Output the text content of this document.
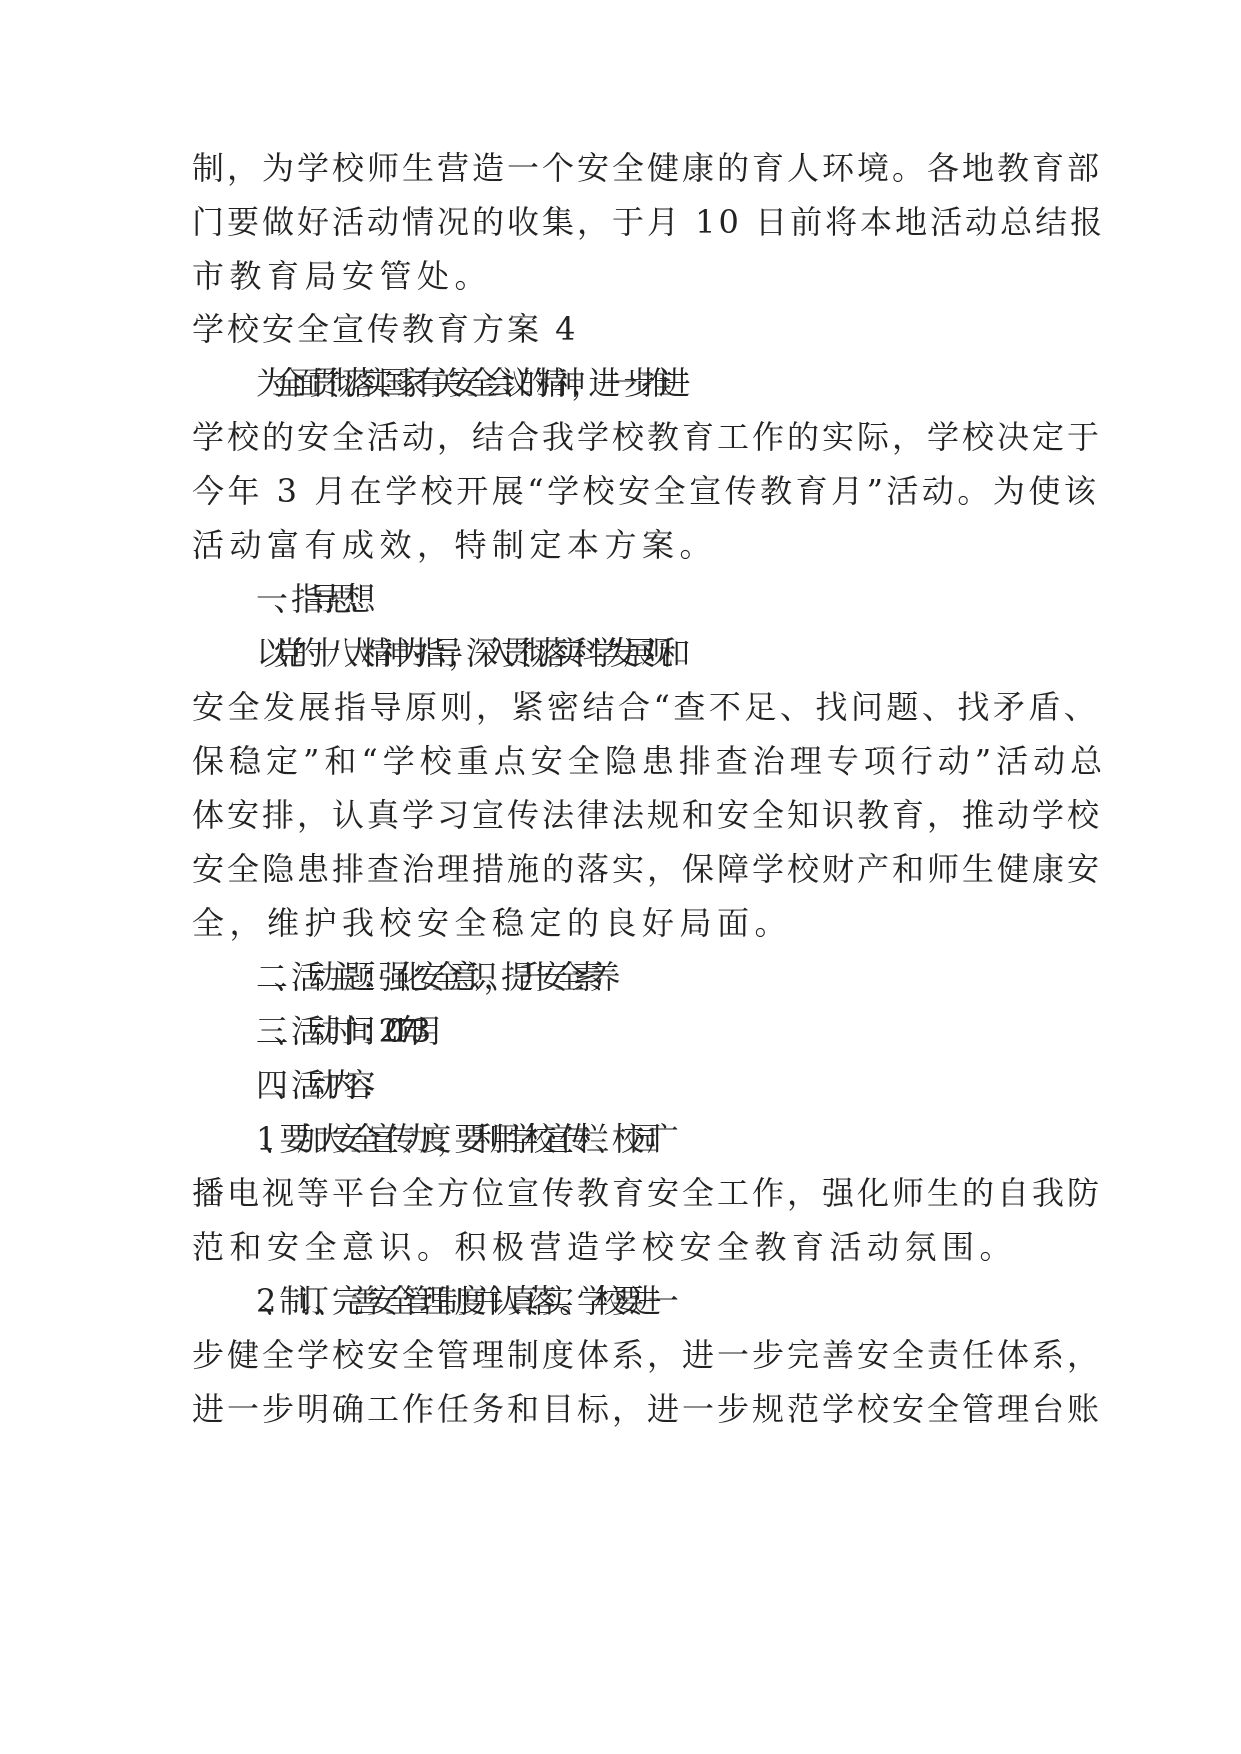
制，为学校师生营造一个安全健康的育人环境。各地教育部
门要做好活动情况的收集，于月 10 日前将本地活动总结报
市教育局安管处。
学校安全宣传教育方案 4
为全面贯彻落实国家有关安全会议的精神，进一步推进
学校的安全活动，结合我学校教育工作的实际，学校决定于
今年 3 月在学校开展“学校安全宣传教育月”活动。为使该
活动富有成效，特制定本方案。
一、指导思想
以党的十八大精神为指导，深入贯彻落实科学发展观和
安全发展指导原则，紧密结合“查不足、找问题、找矛盾、
保稳定”和“学校重点安全隐患排查治理专项行动”活动总
体安排，认真学习宣传法律法规和安全知识教育，推动学校
安全隐患排查治理措施的落实，保障学校财产和师生健康安
全，维护我校安全稳定的良好局面。
二、活动主题：强化安全意识，提升安全素养
三、活动时间：2017 年 3 月
四、活动内容：
1、要加大安全宣传力度，要利用学校宣传栏、校园广
播电视等平台全方位宣传教育安全工作，强化师生的自我防
范和安全意识。积极营造学校安全教育活动氛围。
2、制订、完善安全管理制度并认真落实。学校要进一
步健全学校安全管理制度体系，进一步完善安全责任体系，
进一步明确工作任务和目标，进一步规范学校安全管理台账
